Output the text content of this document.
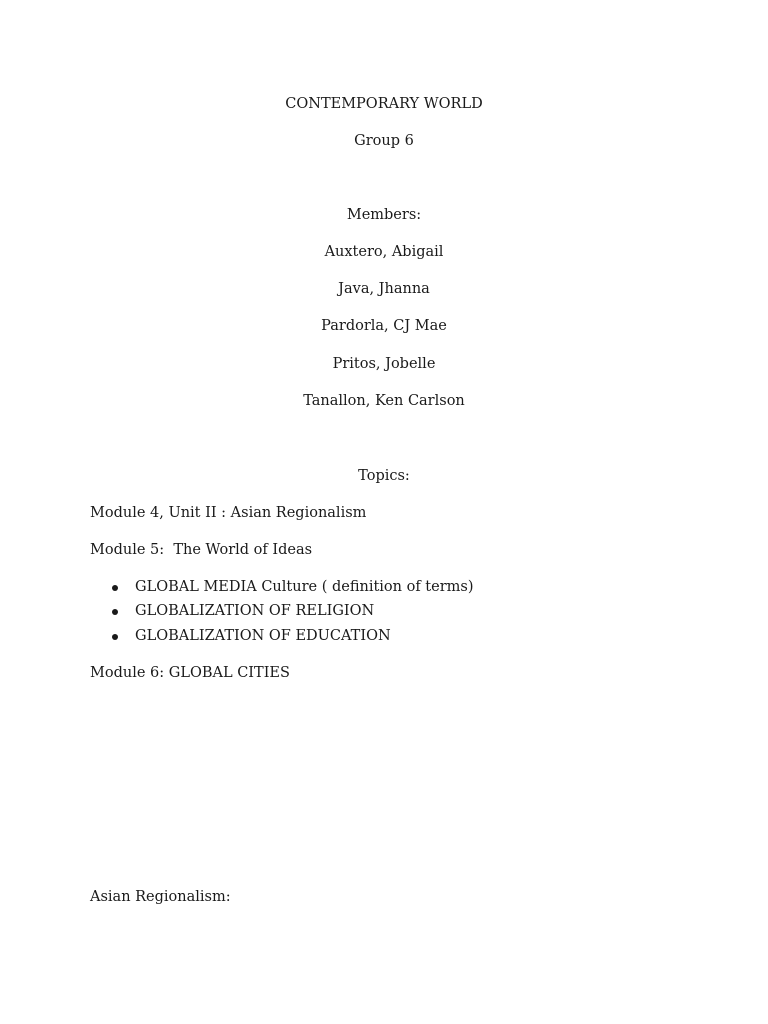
CONTEMPORARY WORLD
Group 6
Members:
Auxtero, Abigail
Java, Jhanna
Pardorla, CJ Mae
Pritos, Jobelle
Tanallon, Ken Carlson
Topics:
Module 4, Unit II : Asian Regionalism
Module 5:  The World of Ideas
GLOBAL MEDIA Culture ( definition of terms)
GLOBALIZATION OF RELIGION
GLOBALIZATION OF EDUCATION
Module 6: GLOBAL CITIES
Asian Regionalism:
